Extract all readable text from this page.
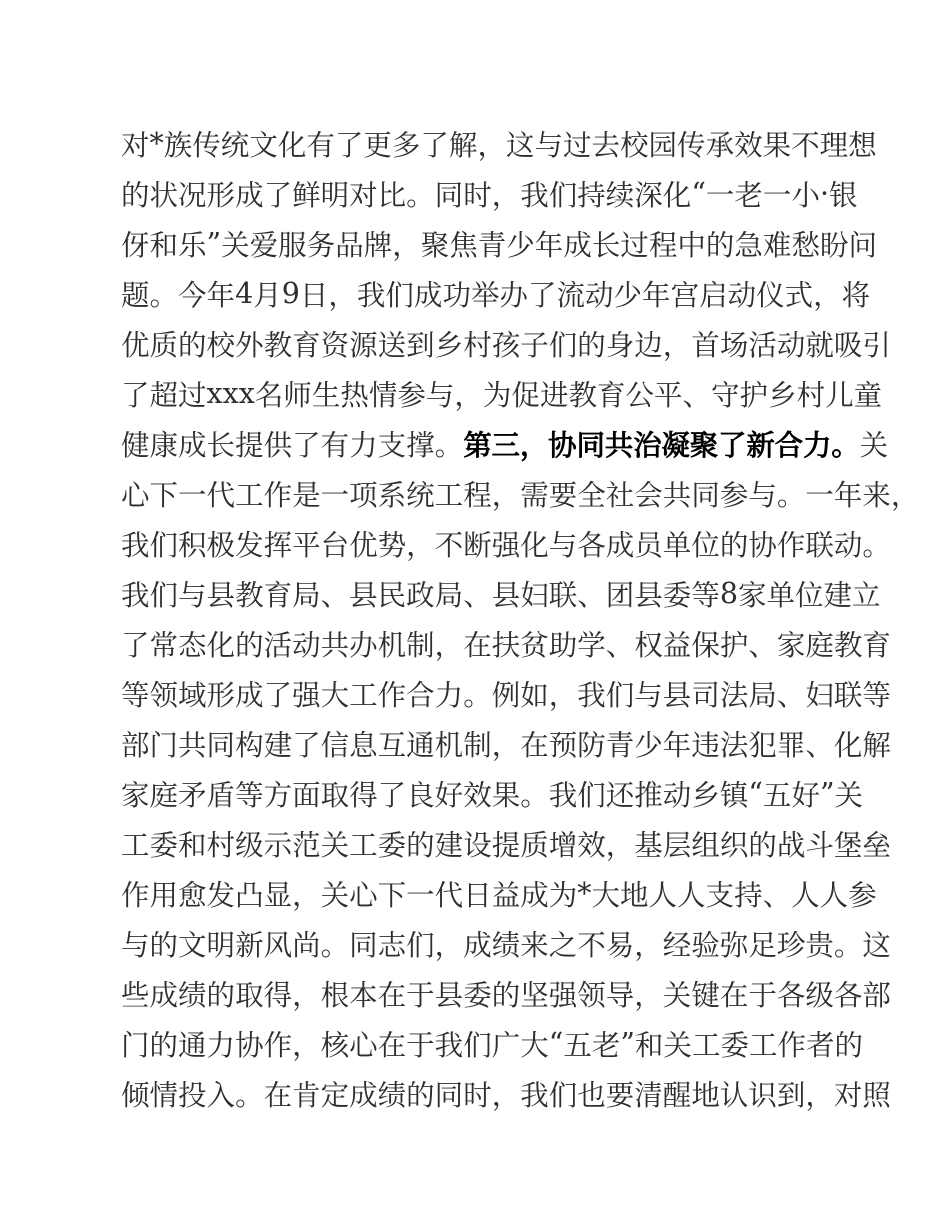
对 * 族 传 统 文 化 有 了 更 多 了 解 ， 这 与 过 去 校 园 传 承 效 果 不 理 想
的 状 况 形 成 了 鲜 明 对 比 。 同 时 ， 我 们 持 续 深 化 “ 一 老 一 小 · 银
伢 和 乐 ” 关 爱 服 务 品 牌 ， 聚 焦 青 少 年 成 长 过 程 中 的 急 难 愁 盼 问
题 。 今 年 4 月 9 日 ， 我 们 成 功 举 办 了 流 动 少 年 宫 启 动 仪 式 ， 将
优 质 的 校 外 教 育 资 源 送 到 乡 村 孩 子 们 的 身 边 ， 首 场 活 动 就 吸 引
了 超 过 x x x 名 师 生 热 情 参 与 ， 为 促 进 教 育 公 平 、 守 护 乡 村 儿 童
健 康 成 长 提 供 了 有 力 支 撑 。 第 三 ， 协 同 共 治 凝 聚 了 新 合 力 。 关
心 下 一 代 工 作 是 一 项 系 统 工 程 ， 需 要 全 社 会 共 同 参 与 。 一 年 来 ，
我 们 积 极 发 挥 平 台 优 势 ， 不 断 强 化 与 各 成 员 单 位 的 协 作 联 动 。
我 们 与 县 教 育 局 、 县 民 政 局 、 县 妇 联 、 团 县 委 等 8 家 单 位 建 立
了 常 态 化 的 活 动 共 办 机 制 ， 在 扶 贫 助 学 、 权 益 保 护 、 家 庭 教 育
等 领 域 形 成 了 强 大 工 作 合 力 。 例 如 ， 我 们 与 县 司 法 局 、 妇 联 等
部 门 共 同 构 建 了 信 息 互 通 机 制 ， 在 预 防 青 少 年 违 法 犯 罪 、 化 解
家 庭 矛 盾 等 方 面 取 得 了 良 好 效 果 。 我 们 还 推 动 乡 镇 “ 五 好 ” 关
工 委 和 村 级 示 范 关 工 委 的 建 设 提 质 增 效 ， 基 层 组 织 的 战 斗 堡 垒
作 用 愈 发 凸 显 ， 关 心 下 一 代 日 益 成 为 * 大 地 人 人 支 持 、 人 人 参
与 的 文 明 新 风 尚 。 同 志 们 ， 成 绩 来 之 不 易 ， 经 验 弥 足 珍 贵 。 这
些 成 绩 的 取 得 ， 根 本 在 于 县 委 的 坚 强 领 导 ， 关 键 在 于 各 级 各 部
门 的 通 力 协 作 ， 核 心 在 于 我 们 广 大 “ 五 老 ” 和 关 工 委 工 作 者 的
倾 情 投 入 。 在 肯 定 成 绩 的 同 时 ， 我 们 也 要 清 醒 地 认 识 到 ， 对 照
